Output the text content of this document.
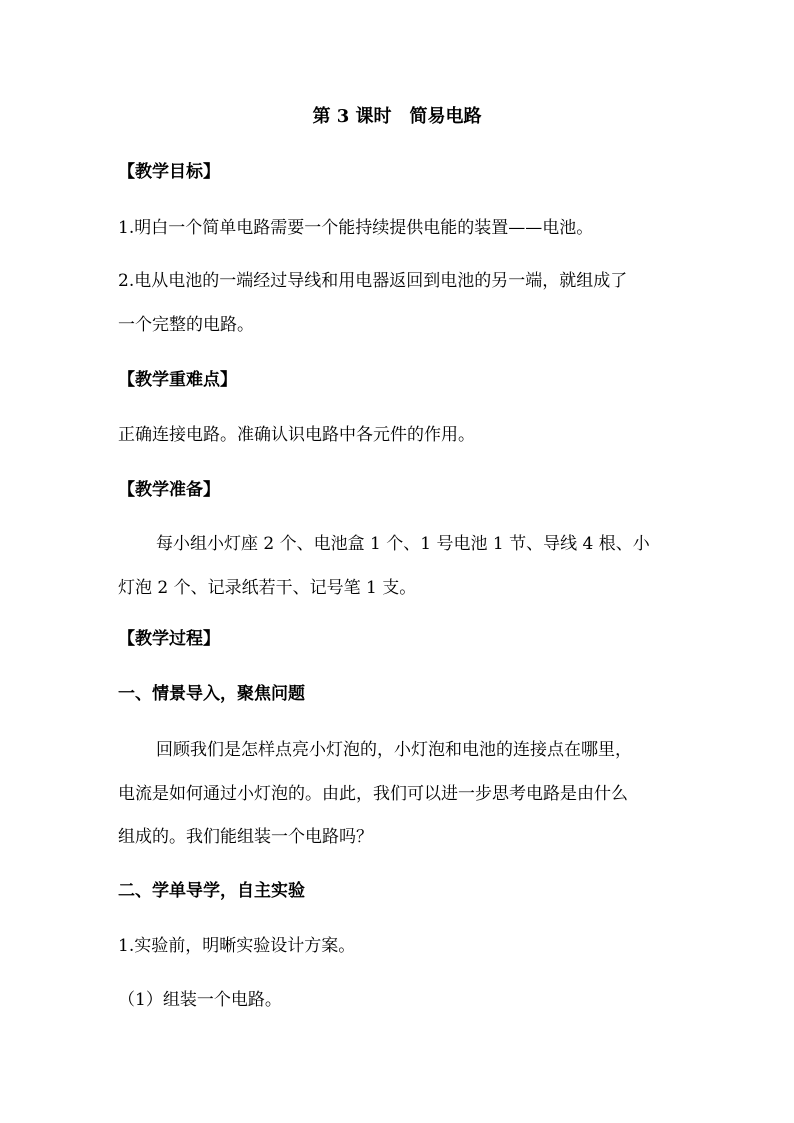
第 3 课时　简易电路
【教学目标】
1.明白一个简单电路需要一个能持续提供电能的装置——电池。
2.电从电池的一端经过导线和用电器返回到电池的另一端，就组成了
一个完整的电路。
【教学重难点】
正确连接电路。准确认识电路中各元件的作用。
【教学准备】
每小组小灯座 2 个、电池盒 1 个、1 号电池 1 节、导线 4 根、小
灯泡 2 个、记录纸若干、记号笔 1 支。
【教学过程】
一、情景导入，聚焦问题
回顾我们是怎样点亮小灯泡的，小灯泡和电池的连接点在哪里，
电流是如何通过小灯泡的。由此，我们可以进一步思考电路是由什么
组成的。我们能组装一个电路吗？
二、学单导学，自主实验
1.实验前，明晰实验设计方案。
（1）组装一个电路。
